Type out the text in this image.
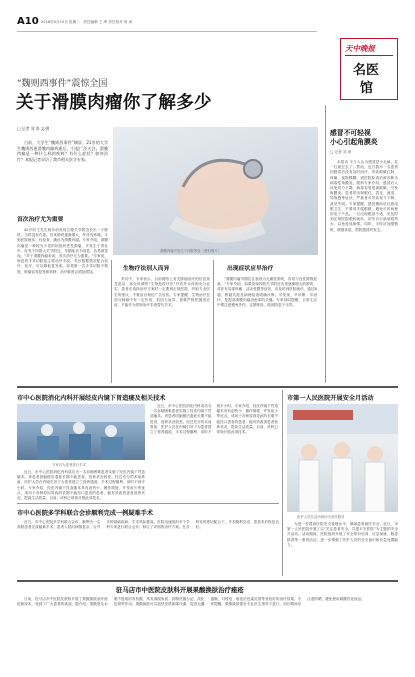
A10 2016年5月10日 星期二　责任编辑 王 琦 责任校对 何 涛
天中晚报
名医
馆
“魏则西事件”震惊全国
关于滑膜肉瘤你了解多少
□ 记者 刘 涛 文/图

日前，大学生“魏则西事件”刷屏，21岁的大学生魏则西患滑膜肉瘤病逝后，引起广泛关注。滑膜肉瘤是一种什么样的疾病？有什么症状？如何治疗？本报记者采访了我市相关医学专家。

滑膜肉瘤可发生于四肢等处（资料图片）
首次治疗尤为重要

42岁的王先生两年前发现左膝关节附近长出一个肿块，当时没有在意。后来肿块逐渐增大，并伴有疼痛，才到医院就诊。经检查，确诊为滑膜肉瘤。专家介绍，滑膜肉瘤是一种较为少见的软组织恶性肿瘤，多发生于青壮年，好发于四肢大关节附近，早期症状不明显，容易被忽视。“对于滑膜肉瘤来说，首次治疗尤为重要。”专家说，规范的手术切除是主要治疗手段，术后根据情况配合放疗、化疗，可以降低复发率。如果第一次手术切除不彻底，肿瘤容易复发和转移，治疗难度会明显增加。	生物疗法别人而异

采访中，专家表示，目前网络上有关肿瘤治疗的信息鱼龙混杂，部分所谓的“生物免疫疗法”疗效并未得到充分证实，患者在选择治疗方案时一定要到正规医院，听取专业医生的建议，不要盲目相信广告宣传。专家提醒，生物治疗在部分肿瘤中有一定作用，但因人而异，需要严格把握适应症，不能作为常规治疗手段替代手术。

出现症状应早治疗

“滑膜肉瘤早期往往表现为无痛性肿块，容易与良性肿物混淆。”专家介绍，如果发现四肢关节附近出现逐渐增大的肿块，或伴有局部疼痛、活动受限等症状，应及时到医院就诊，通过B超、核磁共振及病理检查明确诊断。早发现、早诊断、早治疗，是提高滑膜肉瘤治愈率的关键。专家同时提醒，日常生活中要注意避免外伤，定期体检，做到防患于未然。

感冒不可轻视
小心引起角膜炎
□ 记者 刘 涛

本报讯 不少人认为感冒是小毛病，扛一扛就过去了。然而，近日我市一名患者因感冒后没有及时治疗，导致眼睛红肿、疼痛、视物模糊，到医院检查后被诊断为病毒性角膜炎。眼科专家介绍，感冒后人体免疫力下降，病毒容易侵袭眼睛，引发角膜炎。患者常出现眼红、畏光、流泪、异物感等症状，严重者可导致视力下降，甚至失明。专家提醒，感冒期间应注意用眼卫生，不要用手揉眼睛，避免长时间使用电子产品。一旦出现眼部不适，应及时到正规医院眼科就诊，切勿自行滴用眼药水，以免延误病情。同时，平时应加强锻炼，增强体质，预防感冒的发生。

市中心医院消化内科开展经皮内镜下胃造瘘及相关技术
专家们为患者进行手术

近日，市中心医院消化内科成功为一名吞咽困难患者实施了经皮内镜下胃造瘘术。该患者因脑梗后遗症长期不能进食，营养状况较差。经过充分的术前准备，医护人员在内镜引导下为患者建立了营养通道，手术过程顺利，用时不到半小时。专家介绍，经皮内镜下胃造瘘术具有创伤小、操作简便、并发症少等优点，适用于各种原因导致的长期不能经口进食的患者，能有效改善患者营养状况，提高生活质量。目前，该科已常规开展此项技术。

近日，市中心医院消化内科成功为一名吞咽困难患者实施了经皮内镜下胃造瘘术。该患者因脑梗后遗症长期不能进食，营养状况较差。经过充分的术前准备，医护人员在内镜引导下为患者建立了营养通道，手术过程顺利，用时不到半小时。专家介绍，经皮内镜下胃造瘘术具有创伤小、操作简便、并发症少等优点，适用于各种原因导致的长期不能经口进食的患者，能有效改善患者营养状况，提高生活质量。目前，该科已常规开展此项技术。

市中心医院多学科联合会诊顺利完成一例疑难手术

近日，市中心医院多学科联合会诊，顺利为一名高龄患者完成疑难手术。患者入院时病情复杂，合并多种基础疾病，手术风险极高。医院迅速组织多个学科专家进行联合会诊，制订了详细的治疗方案。在各科室的密切配合下，手术顺利完成，患者术后恢复良好。

市第一人民医院开展安全月活动
医护人员在活动现场为市民服务

为进一步提高医院安全管理水平，保障患者就医安全，近日，市第一人民医院开展了以“关注患者安全，共建平安医院”为主题的安全月活动。活动期间，医院组织开展了安全知识培训、应急演练、隐患排查等一系列活动，进一步增强了医护人员的安全意识和应急处置能力。

驻马店市中医院皮肤科开展果酸换肤治疗痤疮

日前，驻马店市中医院皮肤科开展了果酸换肤治疗痤疮新技术，受到了广大患者的欢迎。据介绍，果酸是从水果中提取的有机酸，具有剥脱角质、抑制皮脂分泌、淡化色斑等作用。果酸换肤可以加快皮肤新陈代谢，促进毛囊通畅，对痤疮、痤疮后色素沉着等有较好的治疗效果。专家提醒，果酸换肤需在专业医生指导下进行，治疗期间应注意防晒，避免使用刺激性化妆品。
